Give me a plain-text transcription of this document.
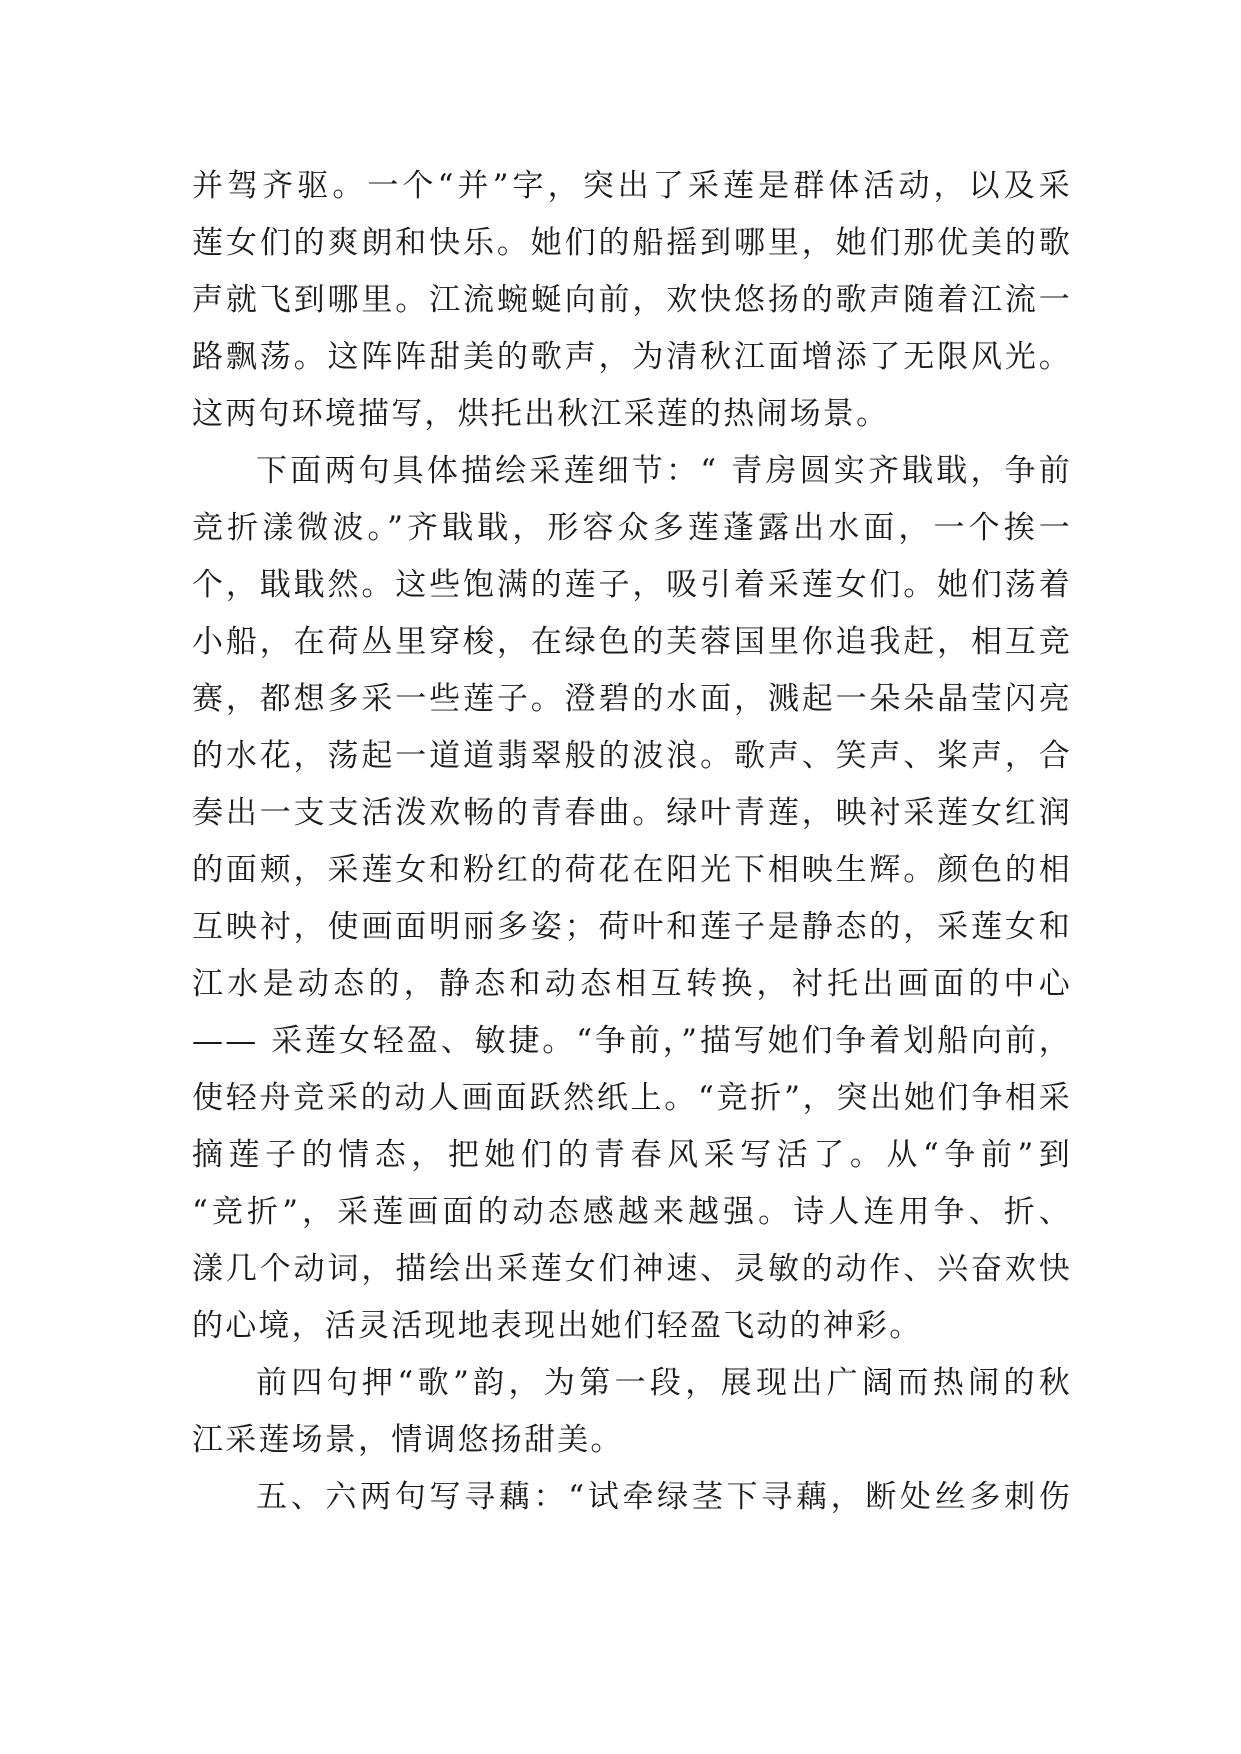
并驾齐驱。一个“并”字，突出了采莲是群体活动，以及采
莲女们的爽朗和快乐。她们的船摇到哪里，她们那优美的歌
声就飞到哪里。江流蜿蜒向前，欢快悠扬的歌声随着江流一
路飘荡。这阵阵甜美的歌声，为清秋江面增添了无限风光。
这两句环境描写，烘托出秋江采莲的热闹场景。
下面两句具体描绘采莲细节：“ 青房圆实齐戢戢，争前
竞折漾微波。”齐戢戢，形容众多莲蓬露出水面，一个挨一
个，戢戢然。这些饱满的莲子，吸引着采莲女们。她们荡着
小船，在荷丛里穿梭，在绿色的芙蓉国里你追我赶，相互竞
赛，都想多采一些莲子。澄碧的水面，溅起一朵朵晶莹闪亮
的水花，荡起一道道翡翠般的波浪。歌声、笑声、桨声，合
奏出一支支活泼欢畅的青春曲。绿叶青莲，映衬采莲女红润
的面颊，采莲女和粉红的荷花在阳光下相映生辉。颜色的相
互映衬，使画面明丽多姿；荷叶和莲子是静态的，采莲女和
江水是动态的，静态和动态相互转换，衬托出画面的中心
—— 采莲女轻盈、敏捷。“争前，”描写她们争着划船向前，
使轻舟竞采的动人画面跃然纸上。“竞折”，突出她们争相采
摘莲子的情态，把她们的青春风采写活了。从“争前”到
“竞折”，采莲画面的动态感越来越强。诗人连用争、折、
漾几个动词，描绘出采莲女们神速、灵敏的动作、兴奋欢快
的心境，活灵活现地表现出她们轻盈飞动的神彩。
前四句押“歌”韵，为第一段，展现出广阔而热闹的秋
江采莲场景，情调悠扬甜美。
五、六两句写寻藕：“试牵绿茎下寻藕，断处丝多刺伤
